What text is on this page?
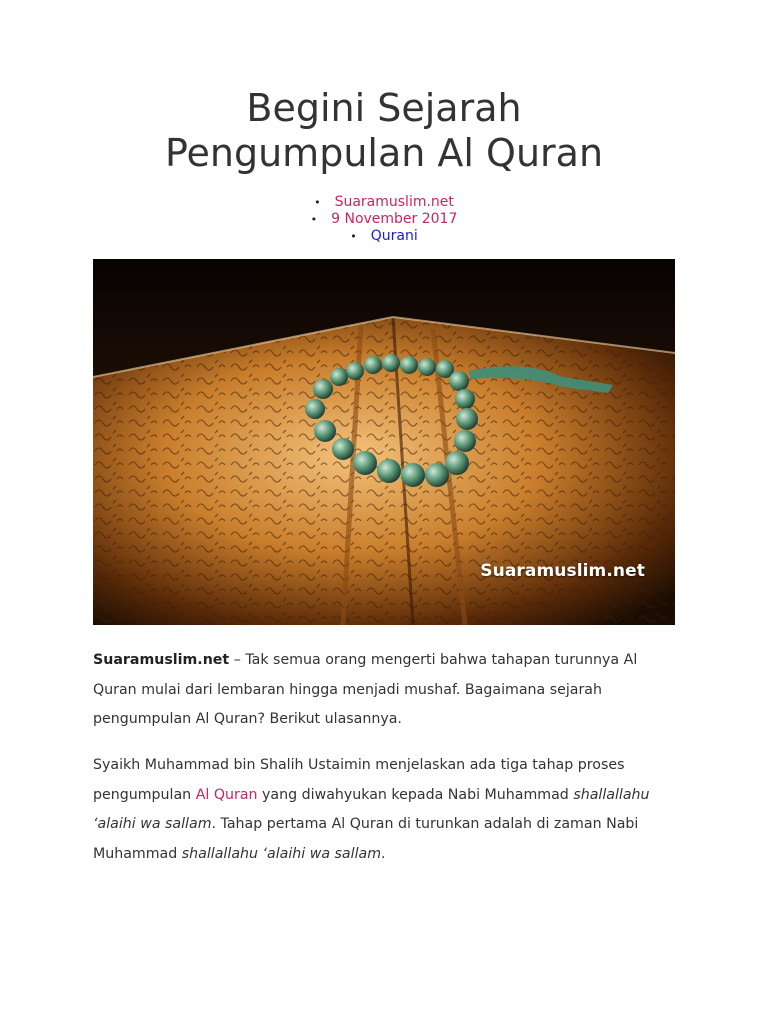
Begini Sejarah
Pengumpulan Al Quran
• Suaramuslim.net
• 9 November 2017
• Qurani
Suaramuslim.net

Suaramuslim.net – Tak semua orang mengerti bahwa tahapan turunnya Al Quran mulai dari lembaran hingga menjadi mushaf. Bagaimana sejarah pengumpulan Al Quran? Berikut ulasannya.

Syaikh Muhammad bin Shalih Ustaimin menjelaskan ada tiga tahap proses pengumpulan Al Quran yang diwahyukan kepada Nabi Muhammad shallallahu ‘alaihi wa sallam. Tahap pertama Al Quran di turunkan adalah di zaman Nabi Muhammad shallallahu ‘alaihi wa sallam.
